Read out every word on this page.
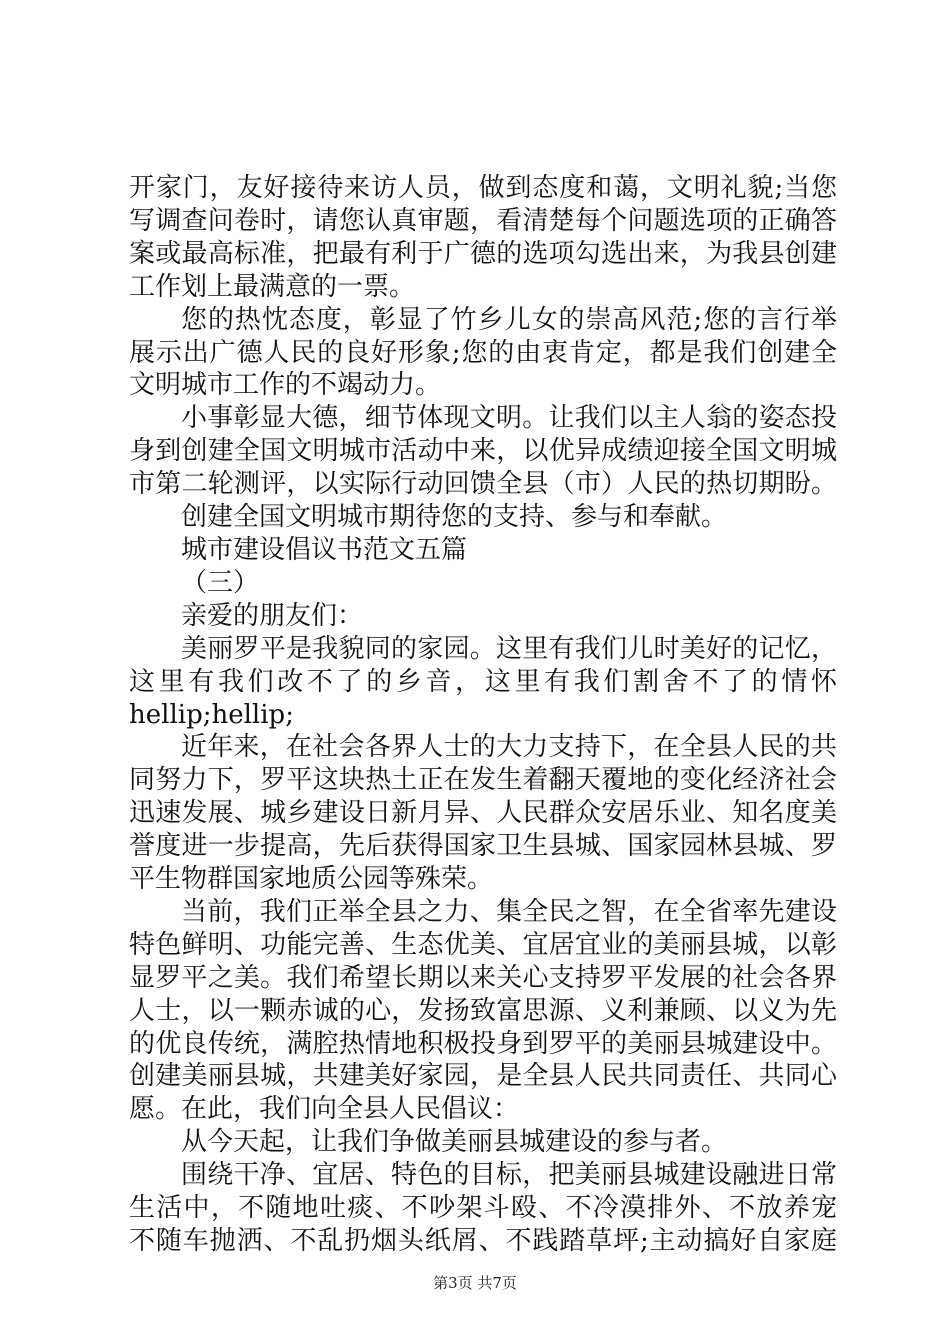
开家门，友好接待来访人员，做到态度和蔼，文明礼貌;当您
写调查问卷时，请您认真审题，看清楚每个问题选项的正确答
案或最高标准，把最有利于广德的选项勾选出来，为我县创建
工作划上最满意的一票。
您的热忱态度，彰显了竹乡儿女的崇高风范;您的言行举
展示出广德人民的良好形象;您的由衷肯定，都是我们创建全
文明城市工作的不竭动力。
小事彰显大德，细节体现文明。让我们以主人翁的姿态投
身到创建全国文明城市活动中来，以优异成绩迎接全国文明城
市第二轮测评，以实际行动回馈全县（市）人民的热切期盼。
创建全国文明城市期待您的支持、参与和奉献。
城市建设倡议书范文五篇
（三）
亲爱的朋友们：
美丽罗平是我貌同的家园。这里有我们儿时美好的记忆，
这里有我们改不了的乡音，这里有我们割舍不了的情怀
hellip;hellip;
近年来，在社会各界人士的大力支持下，在全县人民的共
同努力下，罗平这块热土正在发生着翻天覆地的变化经济社会
迅速发展、城乡建设日新月异、人民群众安居乐业、知名度美
誉度进一步提高，先后获得国家卫生县城、国家园林县城、罗
平生物群国家地质公园等殊荣。
当前，我们正举全县之力、集全民之智，在全省率先建设
特色鲜明、功能完善、生态优美、宜居宜业的美丽县城，以彰
显罗平之美。我们希望长期以来关心支持罗平发展的社会各界
人士，以一颗赤诚的心，发扬致富思源、义利兼顾、以义为先
的优良传统，满腔热情地积极投身到罗平的美丽县城建设中。
第3页 共7页
创建美丽县城，共建美好家园，是全县人民共同责任、共同心
愿。在此，我们向全县人民倡议：
从今天起，让我们争做美丽县城建设的参与者。
围绕干净、宜居、特色的目标，把美丽县城建设融进日常
生活中，不随地吐痰、不吵架斗殴、不冷漠排外、不放养宠
不随车抛洒、不乱扔烟头纸屑、不践踏草坪;主动搞好自家庭
